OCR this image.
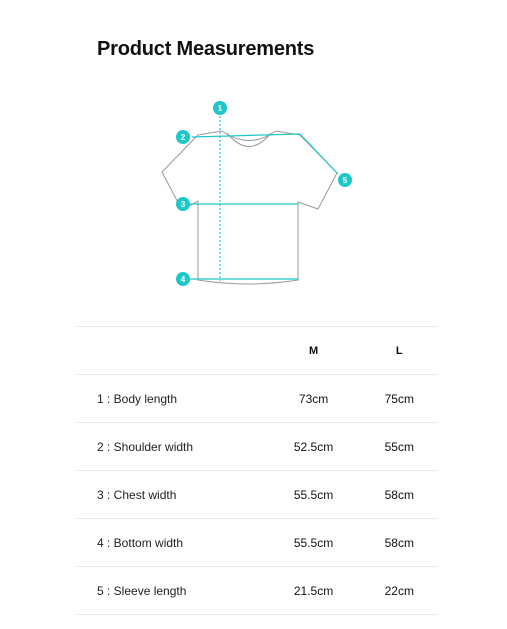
Product Measurements
1
2
3
4
5
	M	L
1 : Body length	73cm	75cm
2 : Shoulder width	52.5cm	55cm
3 : Chest width	55.5cm	58cm
4 : Bottom width	55.5cm	58cm
5 : Sleeve length	21.5cm	22cm
